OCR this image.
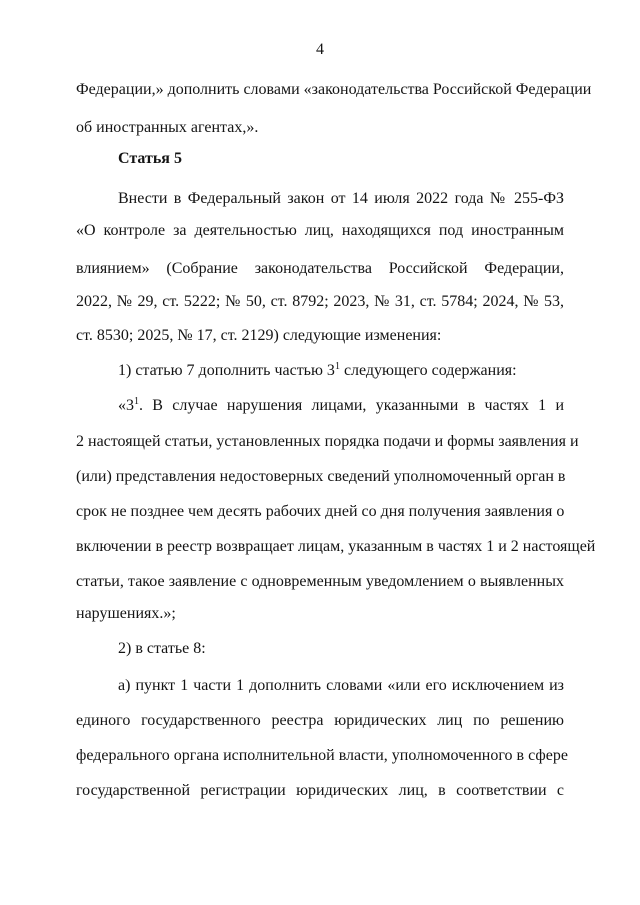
4
Федерации,» дополнить словами «законодательства Российской Федерации
об иностранных агентах,».
Статья 5
Внести в Федеральный закон от 14 июля 2022 года № 255-ФЗ
«О контроле за деятельностью лиц, находящихся под иностранным
влиянием» (Собрание законодательства Российской Федерации,
2022, № 29, ст. 5222; № 50, ст. 8792; 2023, № 31, ст. 5784; 2024, № 53,
ст. 8530; 2025, № 17, ст. 2129) следующие изменения:
1) статью 7 дополнить частью $3^1$ следующего содержания:
«$3^1$. В случае нарушения лицами, указанными в частях 1 и
2 настоящей статьи, установленных порядка подачи и формы заявления и
(или) представления недостоверных сведений уполномоченный орган в
срок не позднее чем десять рабочих дней со дня получения заявления о
включении в реестр возвращает лицам, указанным в частях 1 и 2 настоящей
статьи, такое заявление с одновременным уведомлением о выявленных
нарушениях.»;
2) в статье 8:
а) пункт 1 части 1 дополнить словами «или его исключением из
единого государственного реестра юридических лиц по решению
федерального органа исполнительной власти, уполномоченного в сфере
государственной регистрации юридических лиц, в соответствии с
